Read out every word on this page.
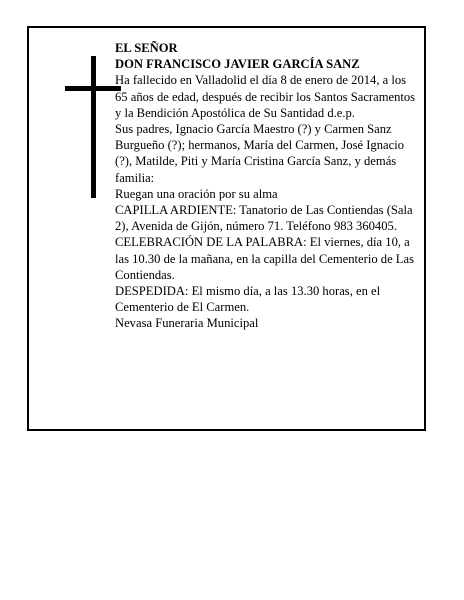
EL SEÑOR

DON FRANCISCO JAVIER GARCÍA SANZ

Ha fallecido en Valladolid el día 8 de enero de 2014, a los 65 años de edad, después de recibir los Santos Sacramentos y la Bendición Apostólica de Su Santidad d.e.p.

Sus padres, Ignacio García Maestro (?) y Carmen Sanz Burgueño (?); hermanos, María del Carmen, José Ignacio (?), Matilde, Piti y María Cristina García Sanz, y demás familia:

Ruegan una oración por su alma

CAPILLA ARDIENTE: Tanatorio de Las Contiendas (Sala 2), Avenida de Gijón, número 71. Teléfono 983 360405.

CELEBRACIÓN DE LA PALABRA: El viernes, día 10, a las 10.30 de la mañana, en la capilla del Cementerio de Las Contiendas.

DESPEDIDA: El mismo día, a las 13.30 horas, en el Cementerio de El Carmen.

Nevasa Funeraria Municipal
